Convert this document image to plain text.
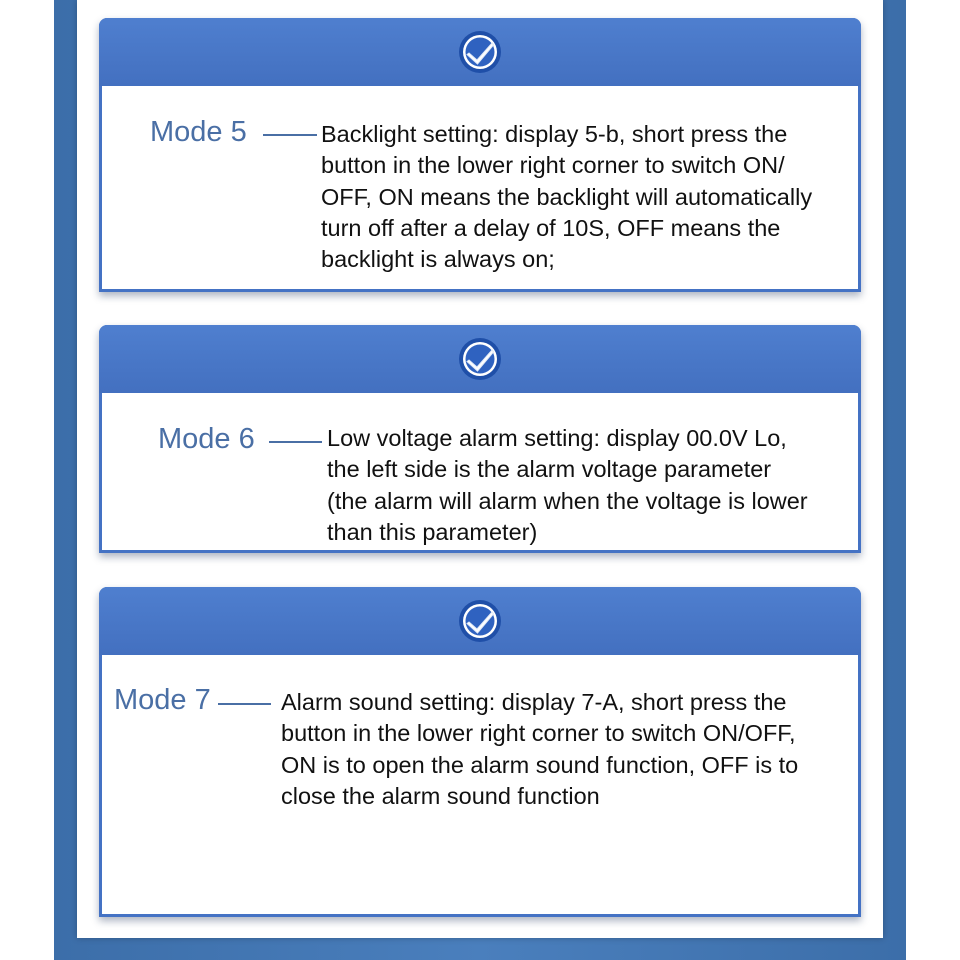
Mode 5	Backlight setting: display 5-b, short press the
button in the lower right corner to switch ON/
OFF, ON means the backlight will automatically
turn off after a delay of 10S, OFF means the
backlight is always on;
Mode 6	Low voltage alarm setting: display 00.0V Lo,
the left side is the alarm voltage parameter
(the alarm will alarm when the voltage is lower
than this parameter)
Mode 7	Alarm sound setting: display 7-A, short press the
button in the lower right corner to switch ON/OFF,
ON is to open the alarm sound function, OFF is to
close the alarm sound function
